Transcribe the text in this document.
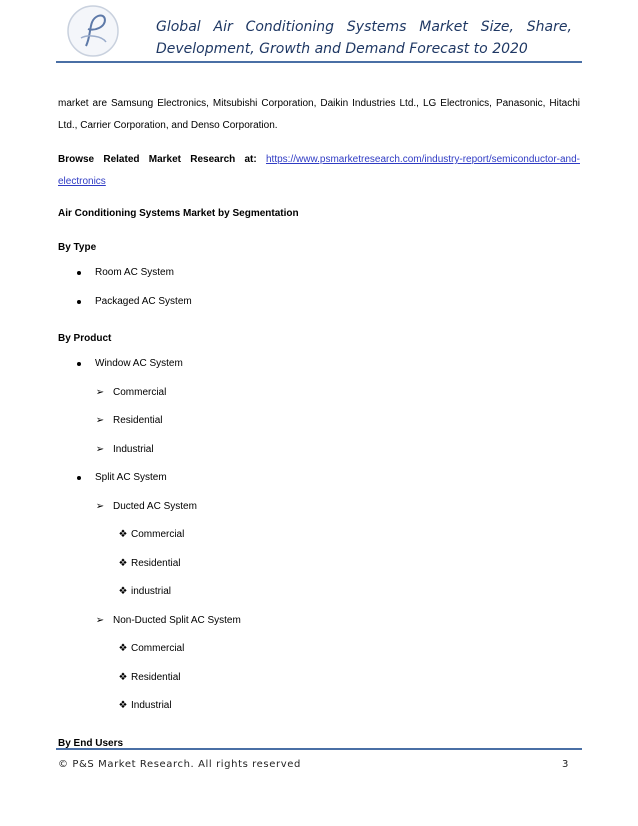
Global Air Conditioning Systems Market Size, Share,
Development, Growth and Demand Forecast to 2020

market are Samsung Electronics, Mitsubishi Corporation, Daikin Industries Ltd., LG Electronics, Panasonic, Hitachi Ltd., Carrier Corporation, and Denso Corporation.

Browse Related Market Research at: https://www.psmarketresearch.com/industry-report/semiconductor-and-electronics

Air Conditioning Systems Market by Segmentation
By Type
Room AC System
Packaged AC System
By Product
Window AC System
➢ Commercial
➢ Residential
➢ Industrial
Split AC System
➢ Ducted AC System
❖ Commercial
❖ Residential
❖ industrial
➢ Non-Ducted Split AC System
❖ Commercial
❖ Residential
❖ Industrial
By End Users
© P&S Market Research. All rights reserved	3
